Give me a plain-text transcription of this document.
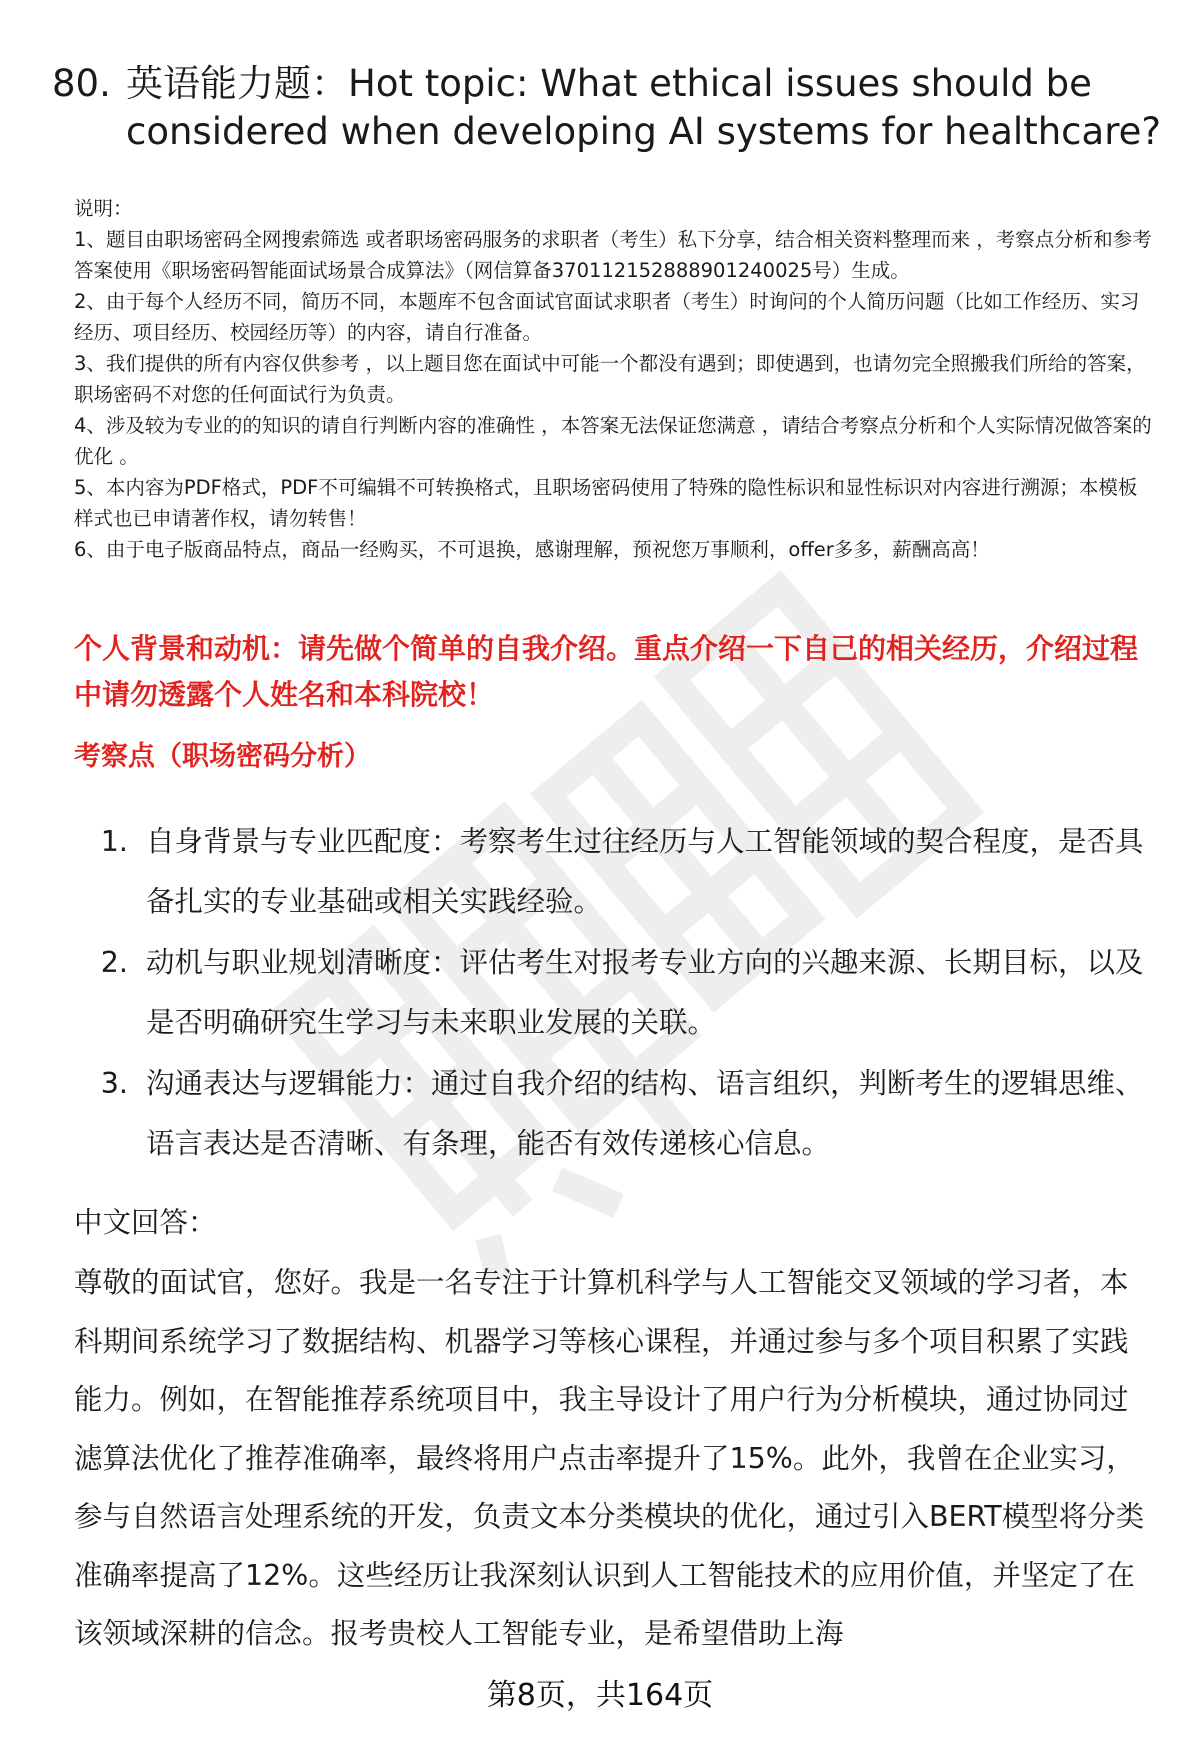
80. 英语能力题：Hot topic: What ethical issues should be considered when developing AI systems for healthcare?

说明：

1、题目由职场密码全网搜索筛选 或者职场密码服务的求职者（考生）私下分享，结合相关资料整理而来 ，考察点分析和参考答案使用《职场密码智能面试场景合成算法》（网信算备370112152888901240025号）生成。

2、由于每个人经历不同，简历不同，本题库不包含面试官面试求职者（考生）时询问的个人简历问题（比如工作经历、实习经历、项目经历、校园经历等）的内容，请自行准备。

3、我们提供的所有内容仅供参考 ，以上题目您在面试中可能一个都没有遇到；即使遇到，也请勿完全照搬我们所给的答案，职场密码不对您的任何面试行为负责。

4、涉及较为专业的的知识的请自行判断内容的准确性 ，本答案无法保证您满意 ，请结合考察点分析和个人实际情况做答案的优化 。

5、本内容为PDF格式，PDF不可编辑不可转换格式，且职场密码使用了特殊的隐性标识和显性标识对内容进行溯源；本模板样式也已申请著作权，请勿转售！

6、由于电子版商品特点，商品一经购买，不可退换，感谢理解，预祝您万事顺利，offer多多，薪酬高高！

个人背景和动机：请先做个简单的自我介绍。重点介绍一下自己的相关经历，介绍过程中请勿透露个人姓名和本科院校！
考察点（职场密码分析）
1. 自身背景与专业匹配度：考察考生过往经历与人工智能领域的契合程度，是否具备扎实的专业基础或相关实践经验。
2. 动机与职业规划清晰度：评估考生对报考专业方向的兴趣来源、长期目标，以及是否明确研究生学习与未来职业发展的关联。
3. 沟通表达与逻辑能力：通过自我介绍的结构、语言组织，判断考生的逻辑思维、语言表达是否清晰、有条理，能否有效传递核心信息。
中文回答：
尊敬的面试官，您好。我是一名专注于计算机科学与人工智能交叉领域的学习者，本科期间系统学习了数据结构、机器学习等核心课程，并通过参与多个项目积累了实践能力。例如，在智能推荐系统项目中，我主导设计了用户行为分析模块，通过协同过滤算法优化了推荐准确率，最终将用户点击率提升了15%。此外，我曾在企业实习，参与自然语言处理系统的开发，负责文本分类模块的优化，通过引入BERT模型将分类准确率提高了12%。这些经历让我深刻认识到人工智能技术的应用价值，并坚定了在该领域深耕的信念。报考贵校人工智能专业，是希望借助上海
第8页，共164页
